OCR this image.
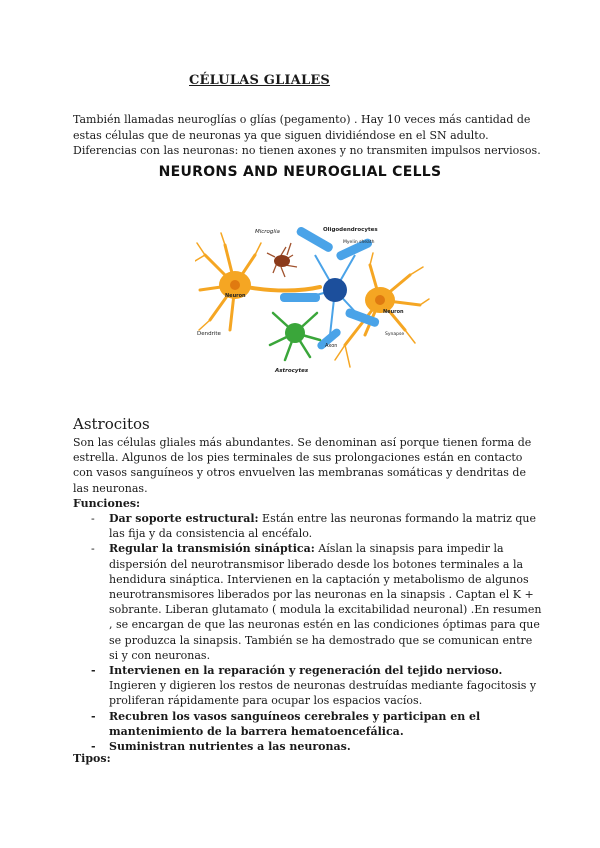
CÉLULAS GLIALES
También llamadas neuroglías o glías (pegamento) . Hay 10 veces más cantidad de estas células que de neuronas ya que siguen dividiéndose en el SN adulto. Diferencias con las neuronas: no tienen axones y no transmiten impulsos nerviosos.
NEURONS AND NEUROGLIAL CELLS
Microglia	Oligodendrocytes
Myelin sheath
Neuron
Neuron
Dendrite
Axon
Synapse
Astrocytes
Astrocitos
Son las células gliales más abundantes. Se denominan así porque tienen forma de estrella. Algunos de los pies terminales de sus prolongaciones están en contacto con vasos sanguíneos y otros envuelven las membranas somáticas y dendritas de las neuronas.
Funciones:
- Dar soporte estructural: Están entre las neuronas formando la matriz que las fija y da consistencia al encéfalo.
- Regular la transmisión sináptica: Aíslan la sinapsis para impedir la dispersión del neurotransmisor liberado desde los botones terminales a la hendidura sináptica. Intervienen en la captación y metabolismo de algunos neurotransmisores liberados por las neuronas en la sinapsis . Captan el K + sobrante. Liberan glutamato ( modula la excitabilidad neuronal) .En resumen , se encargan de que las neuronas estén en las condiciones óptimas para que se produzca la sinapsis. También se ha demostrado que se comunican entre si y con neuronas.
- Intervienen en la reparación y regeneración del tejido nervioso. Ingieren y digieren los restos de neuronas destruídas mediante fagocitosis y proliferan rápidamente para ocupar los espacios vacíos.
- Recubren los vasos sanguíneos cerebrales y participan en el mantenimiento de la barrera hematoencefálica.
- Suministran nutrientes a las neuronas.
Tipos:
